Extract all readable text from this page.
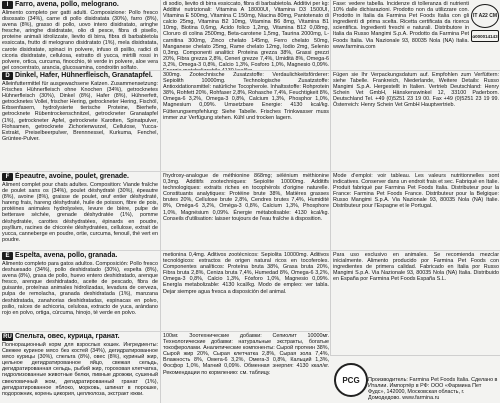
I Farro, avena, pollo, melograno.
Alimento completo per gatti adulti. Composizione: Pollo fresco disossato (34%), carne di pollo disidratata (30%), farro (8%), avena (8%), grasso di pollo, uovo intero disidratato, aringhe fresche, aringhe disidratate, olio di pesce, fibra di pisello, proteine animali idrolizzate, lievito di birra, fibra di barbabietola essiccata, frutto di melograno disidratato (1%), mela disidratata, carote disidratate, spinaci in polvere, infuso di psillio, radici di cicoria disidratate, cellulosa, estratto di yucca, mirtilli rossi in polvere, ortica, curcuma, finocchio, tè verde in polvere, aloe vera gel concentrato, arancia, glucosamina, condroitin solfato.
D Dinkel, Hafer, Hühnerfleisch, Granatapfel.
Alleinfuttermittel für ausgewachsene Katzen. Zusammensetzung: Frisches Hühnerfleisch ohne Knochen (34%), getrocknetes Hühnerfleisch (30%), Dinkel (8%), Hafer (8%), Hühnerfett, getrocknetes Vollei, frischer Hering, getrockneter Hering, Fischöl, Erbsenfasern, hydrolysierte tierische Proteine, Bierhefe, getrocknete Rübentrockenschnitzel, getrockneter Granatapfel (1%), getrockneter Apfel, getrocknete Karotten, Spinatpulver, Flohsamen, getrocknete Zichorienwurzel, Cellulose, Yucca-Extrakt, Preiselbeerpulver, Brennnessel, Kurkuma, Fenchel, Grüntee-Pulver.
F Épeautre, avoine, poulet, grenade.
Aliment complet pour chats adultes. Composition: Viande fraîche de poulet sans os (34%), poulet déshydraté (30%), épeautre (8%), avoine (8%), graisse de poulet, œuf entier déshydraté, hareng frais, hareng déshydraté, huile de poisson, fibre de pois, protéines animales hydrolysées, levure de bière, pulpe de betterave séchée, grenade déshydratée (1%), pomme déshydratée, carottes déshydratées, épinards en poudre, psyllium, racines de chicorée déshydratées, cellulose, extrait de yucca, canneberge en poudre, ortie, curcuma, fenouil, thé vert en poudre.
E Espelta, avena, pollo, granada.
Alimento completo para gatos adultos. Composición: Pollo fresco deshuesado (34%), pollo deshidratado (30%), espelta (8%), avena (8%), grasa de pollo, huevo entero deshidratado, arenque fresco, arenque deshidratado, aceite de pescado, fibra de guisante, proteínas animales hidrolizadas, levadura de cerveza, pulpa de remolacha, granada deshidratada (1%), manzana deshidratada, zanahorias deshidratadas, espinacas en polvo, psilio, raíces de achicoria, celulosa, extracto de yuca, arándano rojo en polvo, ortiga, cúrcuma, hinojo, té verde en polvo.
RU Спельта, овес, курица, гранат.
Полнорационный корм для взрослых кошек. Ингредиенты: Свежее куриное мясо без костей (34%), дегидратированное мясо курицы (30%), спельта (8%), овес (8%), куриный жир, цельное дегидратированное яйцо, свежая сельдь, дегидратированная сельдь, рыбий жир, гороховая клетчатка, гидролизованные животные белки, пивные дрожжи, сушеный свекловичный жом, дегидратированный гранат (1%), дегидратированное яблоко, морковь, шпинат в порошке, подорожник, корень цикория, целлюлоза, экстракт юкки.
di sodio, lievito di birra essiccato, fibra di barbabietola. Additivi per kg: Additivi nutrizionali: Vitamina A 18000UI, Vitamina D3 1500UI, Vitamina E 500mg, Vitamina C 150mg, Niacina 80mg, Pantotenato di calcio 25mg, Vitamina B2 10mg, Vitamina B6 8mg, Vitamina B1 10mg, Biotina 0,6mg, Acido folico 1,2mg, Vitamina B12 0,08mg, Cloruro di colina 2500mg, Beta-carotene 1,5mg, Taurina 2000mg, L-carnitina 300mg, Zinco chelato 145mg, Ferro chelato 50mg, Manganese chelato 25mg, Rame chelato 12mg, Iodio 2mg, Selenio 0,3mg. Componenti analitici: Proteina grezza 38%, Grassi grezzi 20%, Fibra grezza 2,8%, Ceneri grezze 7,4%, Umidità 8%, Omega-6 3,2%, Omega-3 0,8%, Calcio 1,3%, Fosforo 1,0%, Magnesio 0,09%.
300mg. Zootechnische Zusatzstoffe: Verdaulichkeitsförderer: Sepiolith 10000mg. Technologische Zusatzstoffe: Antioxidationsmittel: natürliche Tocopherole. Inhaltsstoffe: Rohprotein 38%, Rohfett 20%, Rohfaser 2,8%, Rohasche 7,4%, Feuchtigkeit 8%, Omega-6 3,2%, Omega-3 0,8%, Calcium 1,3%, Phosphor 1,0%, Magnesium 0,09%. Umsetzbare Energie: 4130 kcal/kg. Fütterungsempfehlung: Siehe Tabelle. Frisches Trinkwasser muss immer zur Verfügung stehen. Kühl und trocken lagern.
l'hydroxy-analogue de méthionine 868mg; sélénium méthionine 0,3mg. Additifs zootechniques: Sepiolite 10000mg. Additifs technologiques: extraits riches en tocophérols d'origine naturelle. Constituants analytiques: Protéine brute 38%, Matières grasses brutes 20%, Cellulose brute 2,8%, Cendres brutes 7,4%, Humidité 8%, Oméga-6 3,2%, Oméga-3 0,8%, Calcium 1,3%, Phosphore 1,0%, Magnésium 0,09%. Énergie métabolisable: 4130 kcal/kg. Conseils d'utilisation: laisser toujours de l'eau fraîche à disposition.
metionina 0,4mg. Aditivos zootécnicos: Sepiolita 10000mg. Aditivos tecnológicos: extractos de origen natural ricos en tocoferoles. Componentes analíticos: Proteína bruta 38%, Grasa bruta 20%, Fibra bruta 2,8%, Ceniza bruta 7,4%, Humedad 8%, Omega-6 3,2%, Omega-3 0,8%, Calcio 1,3%, Fósforo 1,0%, Magnesio 0,09%. Energía metabolizable: 4130 kcal/kg. Modo de empleo: ver tabla. Dejar siempre agua fresca a disposición del animal.
100мг. Зоотехнические добавки: Сепиолит 10000мг. Технологические добавки: натуральные экстракты, богатые токоферолами. Аналитические компоненты: Сырой протеин 38%, Сырой жир 20%, Сырая клетчатка 2,8%, Сырая зола 7,4%, Влажность 8%, Омега-6 3,2%, Омега-3 0,8%, Кальций 1,3%, Фосфор 1,0%, Магний 0,09%. Обменная энергия: 4130 ккал/кг. Рекомендации по кормлению: см. таблицу.
Fase: vedere tabella. Incidenze di tolleranza di nutrienti 10% dalle dichiarazioni. Prodotto non da utilizzare con. Prodotto in Italia da Farmina Pet Foods Italia con gli ingredienti di prima scelta. Ricetta certificata da ricerca scientifica. Ingredienti freschi e naturali. Distributore in Italia da Russo Mangimi S.p.A. Prodotto da Farmina Pet Foods Italia. Via Nazionale 93, 80035 Nola (NA) Italia. www.farmina.com
IT A22 CM
α000014143
Fügen sie Ihr Verpackungsdatum auf. Empfohlen zum Verfüttern: siehe Tabelle. Frankreich, Niederlande, Weitere Details: Russo Mangimi S.p.A. Hergestellt in Italien. Vertrieb Deutschland: Henry Schein Vet GmbH, Hänskenswinkel 12, 33100 Paderborn. Deutschland Tel. +49 (0)5251 23 19 00. Fax +49 (0)5251 23 19 99. Österreich: Henry Schein Vet GmbH Hauptvertrieb.
Mode d'emploi: voir tableau. Les valeurs nutritionnelles sont indicatives. Conserver dans un endroit frais et sec. Fabriqué en Italie. Produit fabriqué par Farmina Pet Foods Italia. Distributeur pour la France: Farmina Pet Foods France. Distributeur pour la Belgique: Russo Mangimi S.p.A. Via Nazionale 93, 80035 Nola (NA) Italie. Distributeur pour l'Espagne et le Portugal.
Para uso exclusivo en animales. Se recomienda mezclar inicialmente. Alimento producido por Farmina Pet Foods con ingredientes de primera calidad. Fabricado en Italia por Russo Mangimi S.p.A. Via Nazionale 93, 80035 Nola (NA) Italia. Distribuido en España por Farmina Pet Foods España S.L.
PCG	Производитель: Farmina Pet Foods Italia. Сделано в Италии. Импортёр в РФ: ООО «Фармина Пет Фудс», 142000, Московская область, г. Домодедово. www.farmina.ru
